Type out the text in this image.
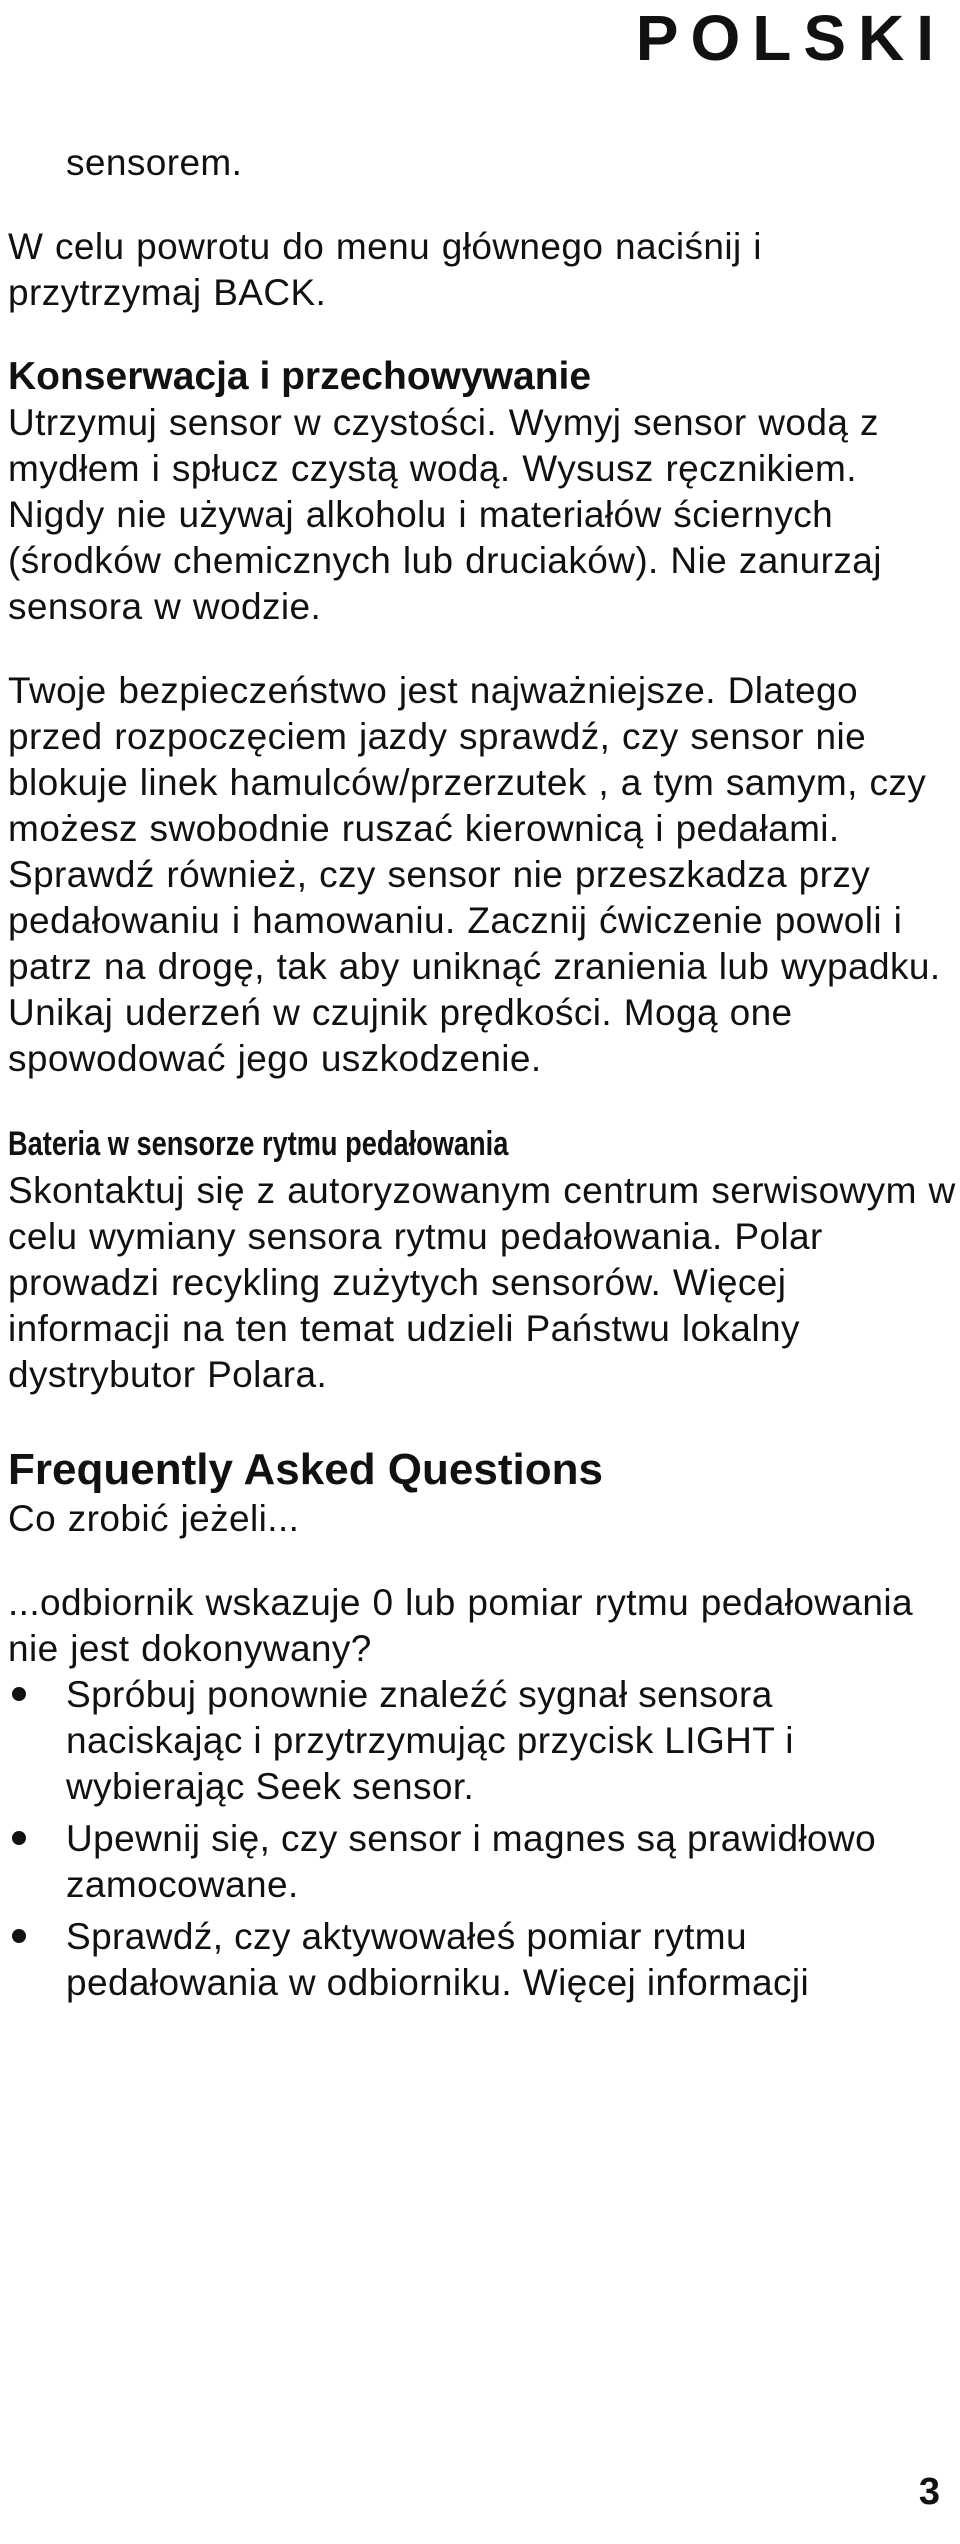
POLSKI

sensorem.

W celu powrotu do menu głównego naciśnij i przytrzymaj BACK.

Konserwacja i przechowywanie

Utrzymuj sensor w czystości. Wymyj sensor wodą z mydłem i spłucz czystą wodą. Wysusz ręcznikiem. Nigdy nie używaj alkoholu i materiałów ściernych (środków chemicznych lub druciaków). Nie zanurzaj sensora w wodzie.

Twoje bezpieczeństwo jest najważniejsze. Dlatego przed rozpoczęciem jazdy sprawdź, czy sensor nie blokuje linek hamulców/przerzutek , a tym samym, czy możesz swobodnie ruszać kierownicą i pedałami. Sprawdź również, czy sensor nie przeszkadza przy pedałowaniu i hamowaniu. Zacznij ćwiczenie powoli i patrz na drogę, tak aby uniknąć zranienia lub wypadku. Unikaj uderzeń w czujnik prędkości. Mogą one spowodować jego uszkodzenie.

Bateria w sensorze rytmu pedałowania

Skontaktuj się z autoryzowanym centrum serwisowym w celu wymiany sensora rytmu pedałowania. Polar prowadzi recykling zużytych sensorów. Więcej informacji na ten temat udzieli Państwu lokalny dystrybutor Polara.

Frequently Asked Questions

Co zrobić jeżeli...

...odbiornik wskazuje 0 lub pomiar rytmu pedałowania nie jest dokonywany?

Spróbuj ponownie znaleźć sygnał sensora naciskając i przytrzymując przycisk LIGHT i wybierając Seek sensor.
Upewnij się, czy sensor i magnes są prawidłowo zamocowane.
Sprawdź, czy aktywowałeś pomiar rytmu pedałowania w odbiorniku. Więcej informacji
3
